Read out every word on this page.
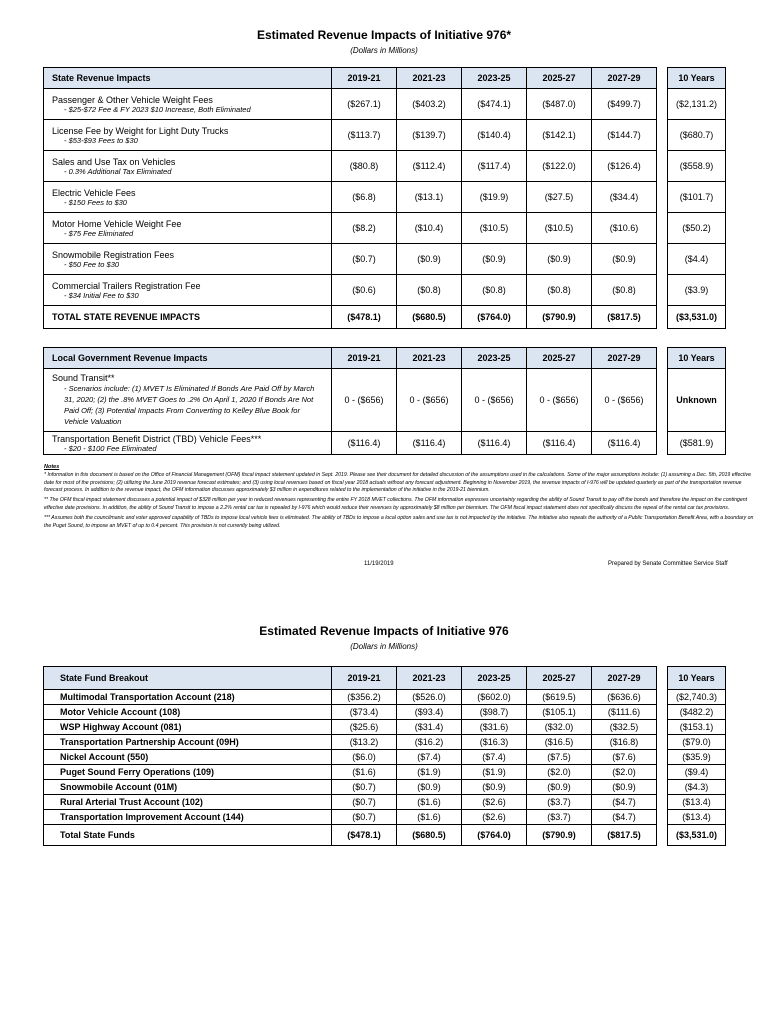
Estimated Revenue Impacts of Initiative 976*
(Dollars in Millions)
State Revenue Impacts	2019-21	2021-23	2023-25	2025-27	2027-29		10 Years

Passenger & Other Vehicle Weight Fees
- $25-$72 Fee & FY 2023 $10 Increase, Both Eliminated	($267.1)	($403.2)	($474.1)	($487.0)	($499.7)		($2,131.2)

License Fee by Weight for Light Duty Trucks
- $53-$93 Fees to $30	($113.7)	($139.7)	($140.4)	($142.1)	($144.7)		($680.7)

Sales and Use Tax on Vehicles
- 0.3% Additional Tax Eliminated	($80.8)	($112.4)	($117.4)	($122.0)	($126.4)		($558.9)

Electric Vehicle Fees
- $150 Fees to $30	($6.8)	($13.1)	($19.9)	($27.5)	($34.4)		($101.7)

Motor Home Vehicle Weight Fee
- $75 Fee Eliminated	($8.2)	($10.4)	($10.5)	($10.5)	($10.6)		($50.2)

Snowmobile Registration Fees
- $50 Fee to $30	($0.7)	($0.9)	($0.9)	($0.9)	($0.9)		($4.4)

Commercial Trailers Registration Fee
- $34 Initial Fee to $30	($0.6)	($0.8)	($0.8)	($0.8)	($0.8)		($3.9)
TOTAL STATE REVENUE IMPACTS	($478.1)	($680.5)	($764.0)	($790.9)	($817.5)		($3,531.0)
Local Government Revenue Impacts	2019-21	2021-23	2023-25	2025-27	2027-29		10 Years

Sound Transit**
- Scenarios include: (1) MVET Is Eliminated If Bonds Are Paid Off by March 31, 2020; (2) the .8% MVET Goes to .2% On April 1, 2020 If Bonds Are Not Paid Off; (3) Potential Impacts From Converting to Kelley Blue Book for Vehicle Valuation	0 - ($656)	0 - ($656)	0 - ($656)	0 - ($656)	0 - ($656)		Unknown

Transportation Benefit District (TBD) Vehicle Fees***
- $20 - $100 Fee Eliminated	($116.4)	($116.4)	($116.4)	($116.4)	($116.4)		($581.9)
Notes

* Information in this document is based on the Office of Financial Management (OFM) fiscal impact statement updated in Sept. 2019. Please see their document for detailed discussion of the assumptions used in the calculations. Some of the major assumptions include: (1) assuming a Dec. 5th, 2019 effective date for most of the provisions; (2) utilizing the June 2019 revenue forecast estimates; and (3) using local revenues based on fiscal year 2018 actuals without any forecast adjustment. Beginning in November 2019, the revenue impacts of I-976 will be updated quarterly as part of the transportation revenue forecast process. In addition to the revenue impact, the OFM information discusses approximately $3 million in expenditures related to the implementation of the initiative in the 2019-21 biennium.

** The OFM fiscal impact statement discusses a potential impact of $328 million per year in reduced revenues representing the entire FY 2018 MVET collections. The OFM information expresses uncertainty regarding the ability of Sound Transit to pay off the bonds and therefore the impact on the contingent effective date provisions. In addition, the ability of Sound Transit to impose a 2.2% rental car tax is repealed by I-976 which would reduce their revenues by approximately $8 million per biennium. The OFM fiscal impact statement does not specifically discuss the repeal of the rental car tax provisions.

*** Assumes both the councilmanic and voter approved capability of TBDs to impose local vehicle fees is eliminated. The ability of TBDs to impose a local option sales and use tax is not impacted by the initiative. The initiative also repeals the authority of a Public Transportation Benefit Area, with a boundary on the Puget Sound, to impose an MVET of up to 0.4 percent. This provision is not currently being utilized.

11/19/2019	Prepared by Senate Committee Service Staff
Estimated Revenue Impacts of Initiative 976
(Dollars in Millions)
State Fund Breakout	2019-21	2021-23	2023-25	2025-27	2027-29		10 Years
Multimodal Transportation Account (218)	($356.2)	($526.0)	($602.0)	($619.5)	($636.6)		($2,740.3)
Motor Vehicle Account (108)	($73.4)	($93.4)	($98.7)	($105.1)	($111.6)		($482.2)
WSP Highway Account (081)	($25.6)	($31.4)	($31.6)	($32.0)	($32.5)		($153.1)
Transportation Partnership Account (09H)	($13.2)	($16.2)	($16.3)	($16.5)	($16.8)		($79.0)
Nickel Account (550)	($6.0)	($7.4)	($7.4)	($7.5)	($7.6)		($35.9)
Puget Sound Ferry Operations (109)	($1.6)	($1.9)	($1.9)	($2.0)	($2.0)		($9.4)
Snowmobile Account (01M)	($0.7)	($0.9)	($0.9)	($0.9)	($0.9)		($4.3)
Rural Arterial Trust Account (102)	($0.7)	($1.6)	($2.6)	($3.7)	($4.7)		($13.4)
Transportation Improvement Account (144)	($0.7)	($1.6)	($2.6)	($3.7)	($4.7)		($13.4)
Total State Funds	($478.1)	($680.5)	($764.0)	($790.9)	($817.5)		($3,531.0)
